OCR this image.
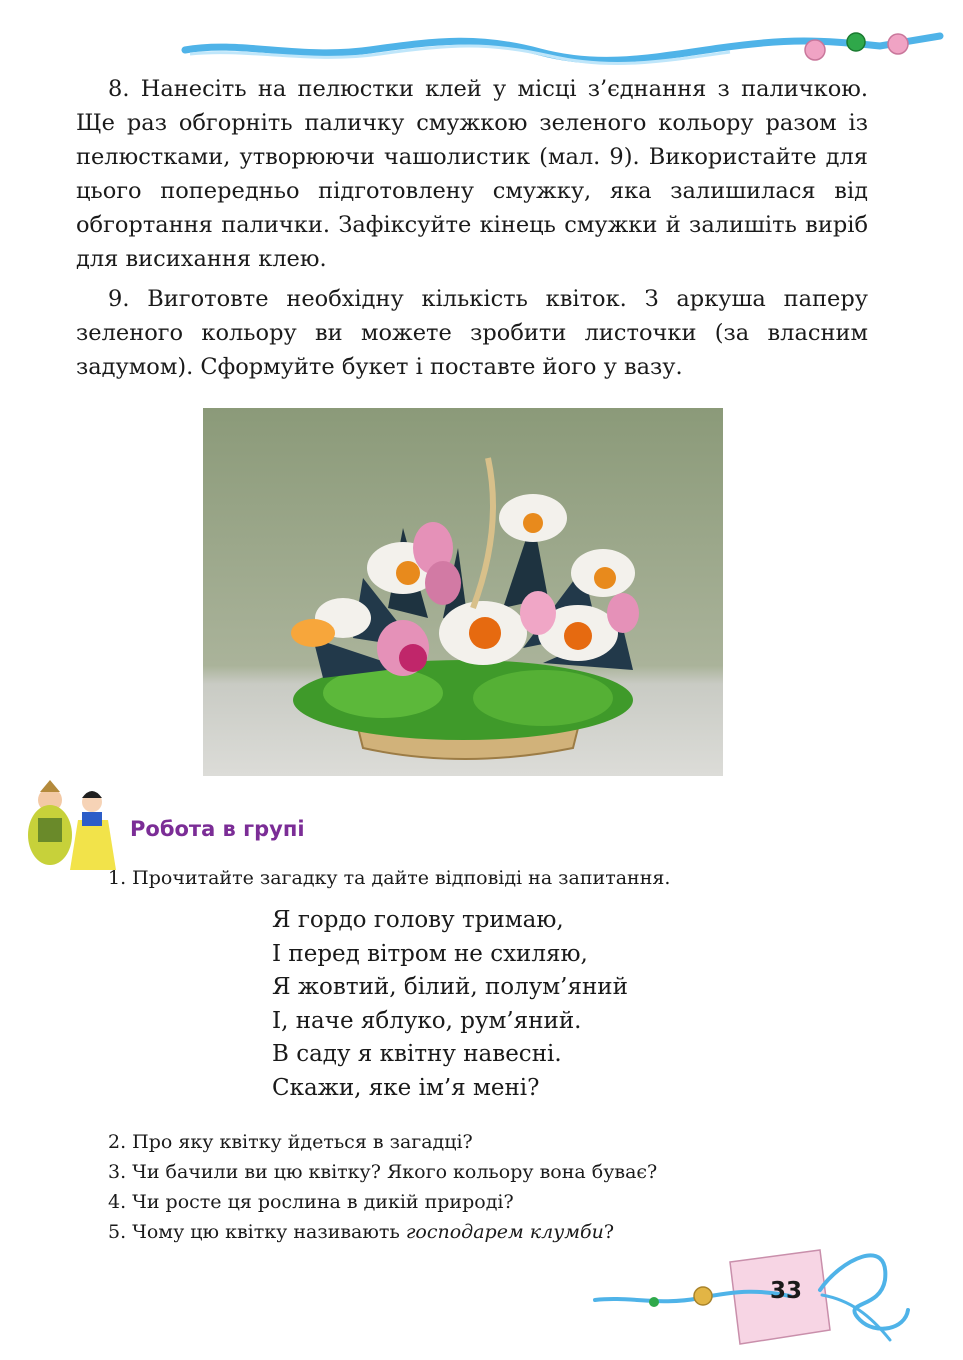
8. Нанесіть на пелюстки клей у місці з’єднання з паличкою. Ще раз обгорніть паличку смужкою зеленого кольору разом із пелюстками, утворюючи чашолистик (мал. 9). Використайте для цього попередньо підготовлену смужку, яка залишилася від обгортання палички. Зафіксуйте кінець смужки й залишіть виріб для висихання клею.

9. Виготовте необхідну кількість квіток. З аркуша паперу зеленого кольору ви можете зробити листочки (за власним задумом). Сформуйте букет і поставте його у вазу.

Робота в групі

1. Прочитайте загадку та дайте відповіді на запитання.

Я гордо голову тримаю,
І перед вітром не схиляю,
Я жовтий, білий, полум’яний
І, наче яблуко, рум’яний.
В саду я квітну навесні.
Скажи, яке ім’я мені?

2. Про яку квітку йдеться в загадці?

3. Чи бачили ви цю квітку? Якого кольору вона буває?

4. Чи росте ця рослина в дикій природі?

5. Чому цю квітку називають господарем клумби?

33
